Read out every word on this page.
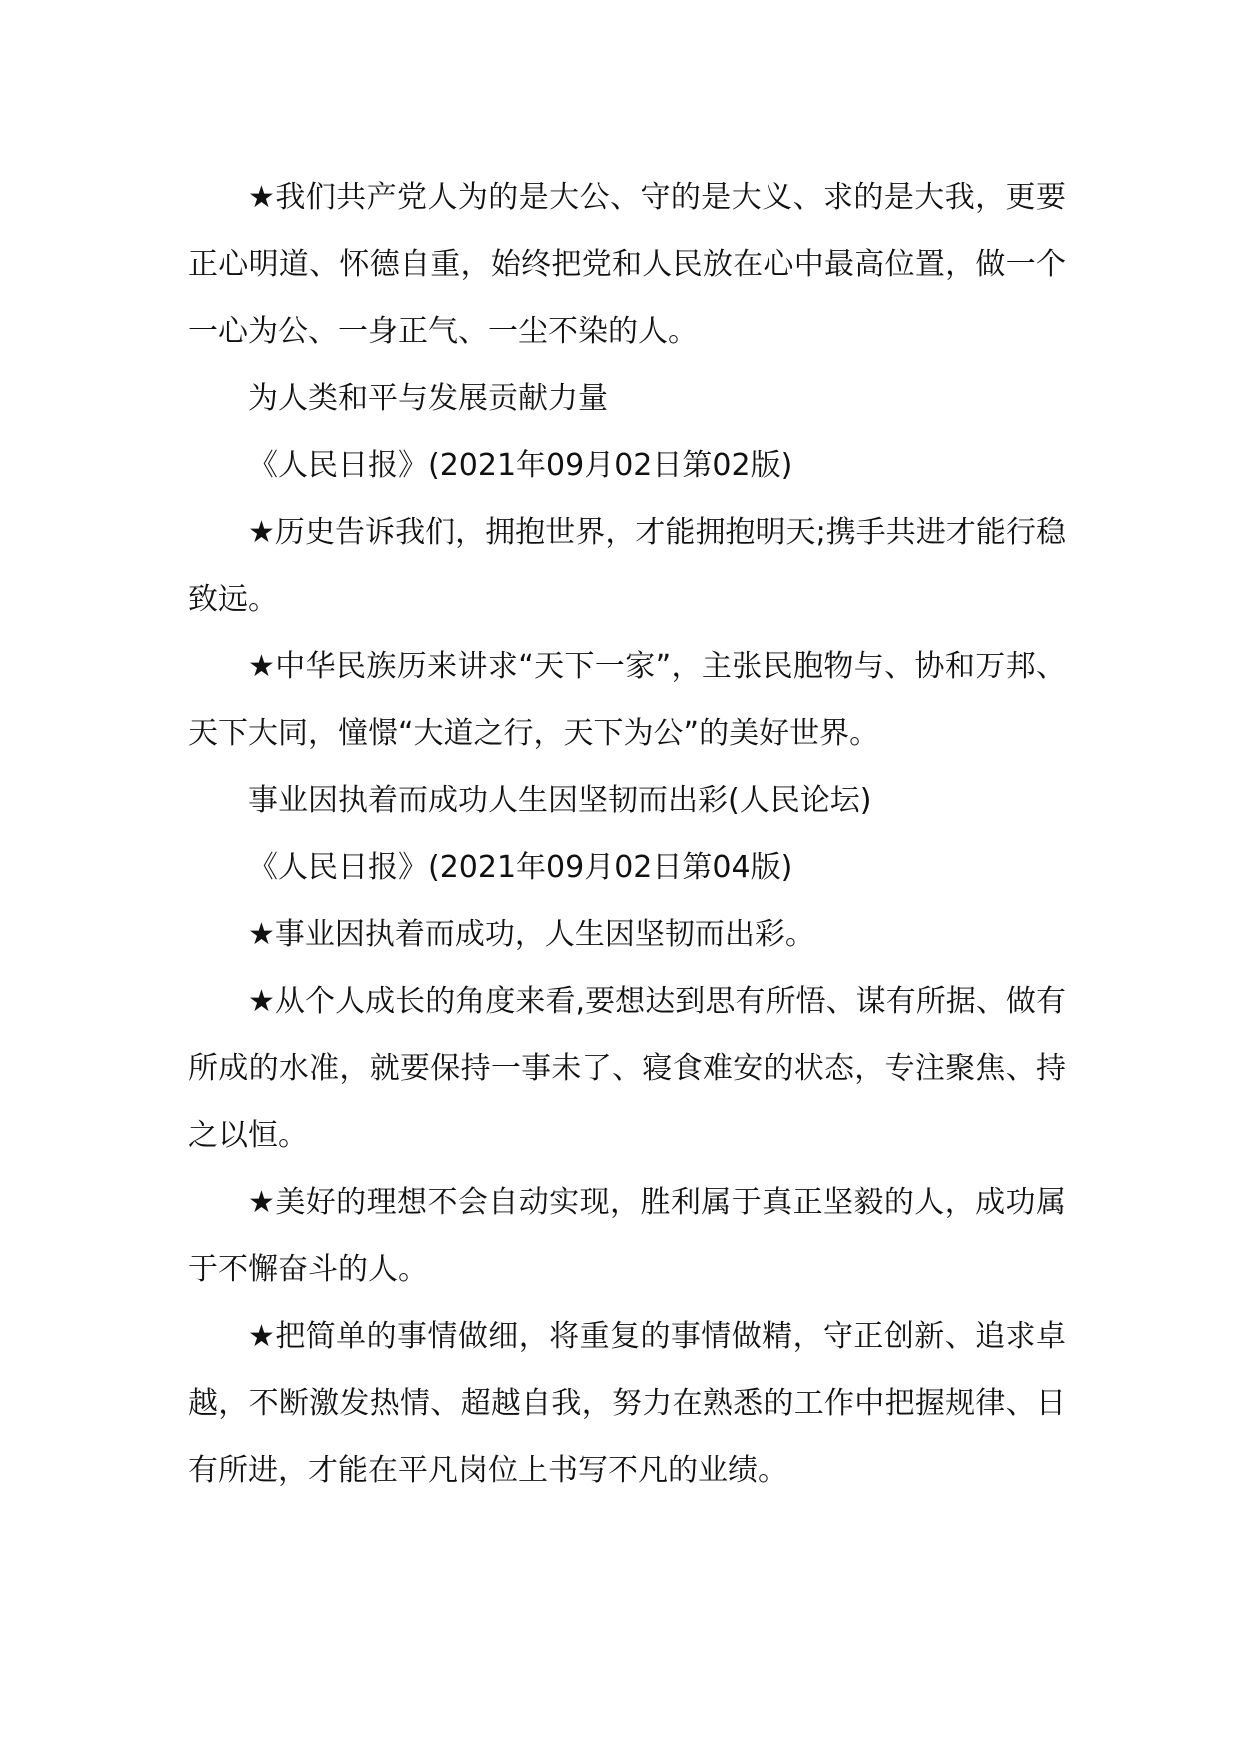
★我们共产党人为的是大公、守的是大义、求的是大我，更要正心明道、怀德自重，始终把党和人民放在心中最高位置，做一个一心为公、一身正气、一尘不染的人。

为人类和平与发展贡献力量

《人民日报》(2021年09月02日第02版)

★历史告诉我们，拥抱世界，才能拥抱明天;携手共进才能行稳致远。

★中华民族历来讲求“天下一家”，主张民胞物与、协和万邦、天下大同，憧憬“大道之行，天下为公”的美好世界。

事业因执着而成功人生因坚韧而出彩(人民论坛)

《人民日报》(2021年09月02日第04版)

★事业因执着而成功，人生因坚韧而出彩。

★从个人成长的角度来看,要想达到思有所悟、谋有所据、做有所成的水准，就要保持一事未了、寝食难安的状态，专注聚焦、持之以恒。

★美好的理想不会自动实现，胜利属于真正坚毅的人，成功属于不懈奋斗的人。

★把简单的事情做细，将重复的事情做精，守正创新、追求卓越，不断激发热情、超越自我，努力在熟悉的工作中把握规律、日有所进，才能在平凡岗位上书写不凡的业绩。
